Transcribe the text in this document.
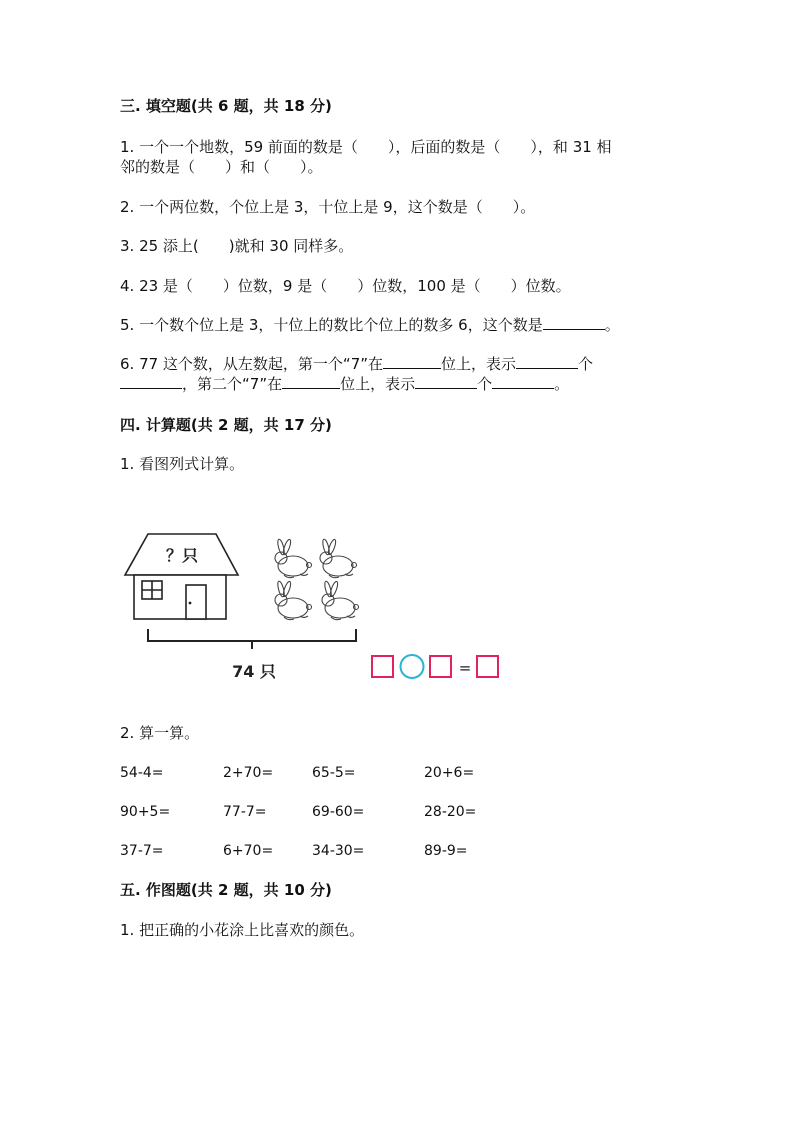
三. 填空题(共 6 题，共 18 分)
1. 一个一个地数，59 前面的数是（　　），后面的数是（　　），和 31 相
邻的数是（　　）和（　　）。
2. 一个两位数，个位上是 3，十位上是 9，这个数是（　　）。
3. 25 添上(　　)就和 30 同样多。
4. 23 是（　　）位数，9 是（　　）位数，100 是（　　）位数。
5. 一个数个位上是 3，十位上的数比个位上的数多 6，这个数是	。
6. 77 这个数，从左数起，第一个“7”在	位上，表示	个
，第二个“7”在	位上，表示	个	。
四. 计算题(共 2 题，共 17 分)
1. 看图列式计算。
？只
74 只	=
2. 算一算。
54-4=	2+70=	65-5=	20+6=
90+5=	77-7=	69-60=	28-20=
37-7=	6+70=	34-30=	89-9=
五. 作图题(共 2 题，共 10 分)
1. 把正确的小花涂上比喜欢的颜色。
